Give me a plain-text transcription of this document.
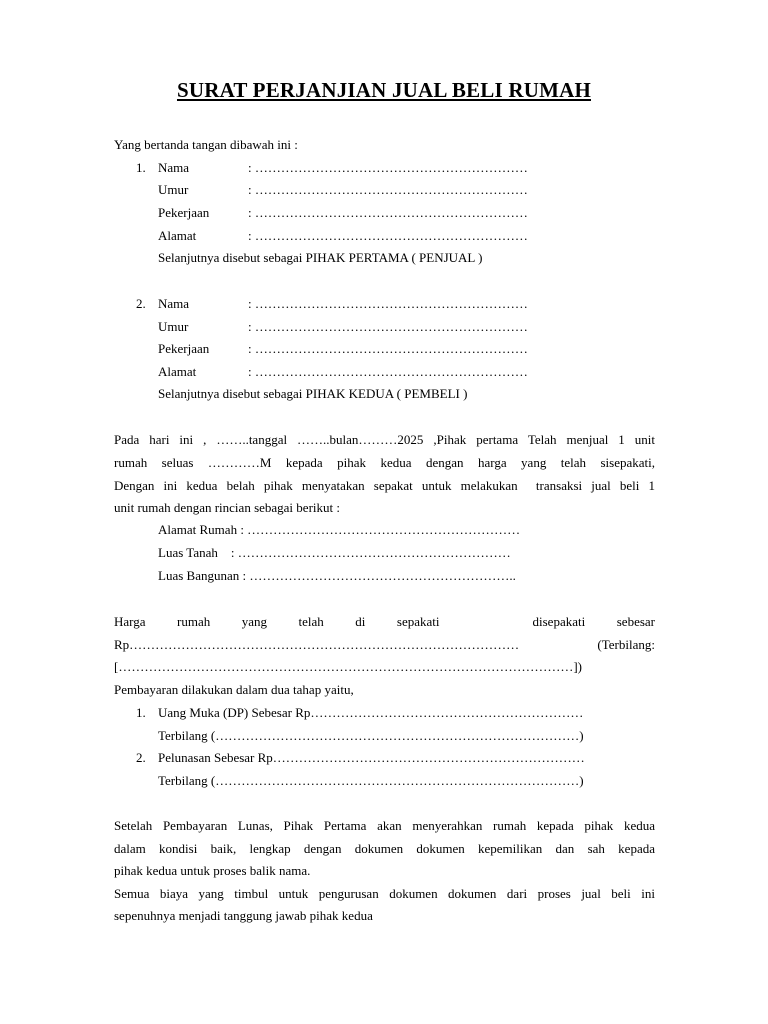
SURAT PERJANJIAN JUAL BELI RUMAH
Yang bertanda tangan dibawah ini :
1. Nama	: ………………………………………………………
Umur	: ………………………………………………………
Pekerjaan	: ………………………………………………………
Alamat	: ………………………………………………………
Selanjutnya disebut sebagai PIHAK PERTAMA ( PENJUAL )
2. Nama	: ………………………………………………………
Umur	: ………………………………………………………
Pekerjaan	: ………………………………………………………
Alamat	: ………………………………………………………
Selanjutnya disebut sebagai PIHAK KEDUA ( PEMBELI )
Pada hari ini , ……..tanggal ……..bulan………2025 ,Pihak pertama Telah menjual 1 unit
rumah seluas …………M kepada pihak kedua dengan harga yang telah sisepakati,
Dengan ini kedua belah pihak menyatakan sepakat untuk melakukan  transaksi jual beli 1
unit rumah dengan rincian sebagai berikut :
Alamat Rumah : ………………………………………………………
Luas Tanah    : ………………………………………………………
Luas Bangunan : ……………………………………………………..
Harga rumah yang telah di sepakati	disepakati sebesar
Rp………………………………………………………………………………	(Terbilang:
[……………………………………………………………………………………………])
Pembayaran dilakukan dalam dua tahap yaitu,
1. Uang Muka (DP) Sebesar Rp………………………………………………………
Terbilang (…………………………………………………………………………)
2. Pelunasan Sebesar Rp………………………………………………………………
Terbilang (…………………………………………………………………………)
Setelah Pembayaran Lunas, Pihak Pertama akan menyerahkan rumah kepada pihak kedua
dalam kondisi baik, lengkap dengan dokumen dokumen kepemilikan dan sah kepada
pihak kedua untuk proses balik nama.
Semua biaya yang timbul untuk pengurusan dokumen dokumen dari proses jual beli ini
sepenuhnya menjadi tanggung jawab pihak kedua
